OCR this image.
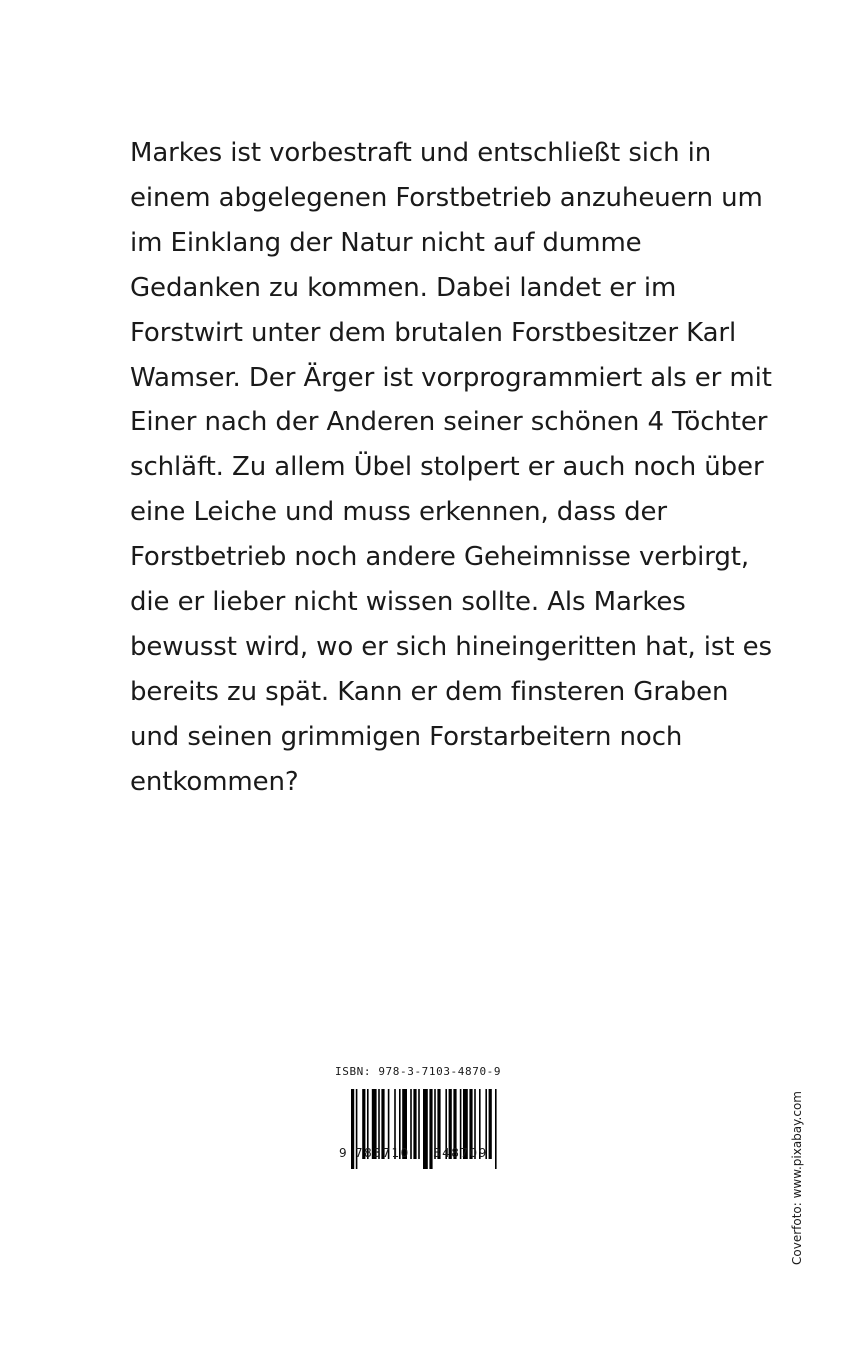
Markes ist vorbestraft und entschließt sich in
einem abgelegenen Forstbetrieb anzuheuern um
im Einklang der Natur nicht auf dumme
Gedanken zu kommen. Dabei landet er im
Forstwirt unter dem brutalen Forstbesitzer Karl
Wamser. Der Ärger ist vorprogrammiert als er mit
Einer nach der Anderen seiner schönen 4 Töchter
schläft. Zu allem Übel stolpert er auch noch über
eine Leiche und muss erkennen, dass der
Forstbetrieb noch andere Geheimnisse verbirgt,
die er lieber nicht wissen sollte. Als Markes
bewusst wird, wo er sich hineingeritten hat, ist es
bereits zu spät. Kann er dem finsteren Graben
und seinen grimmigen Forstarbeitern noch
entkommen?
ISBN: 978-3-7103-4870-9
9 783710 348709	Coverfoto: www.pixabay.com
